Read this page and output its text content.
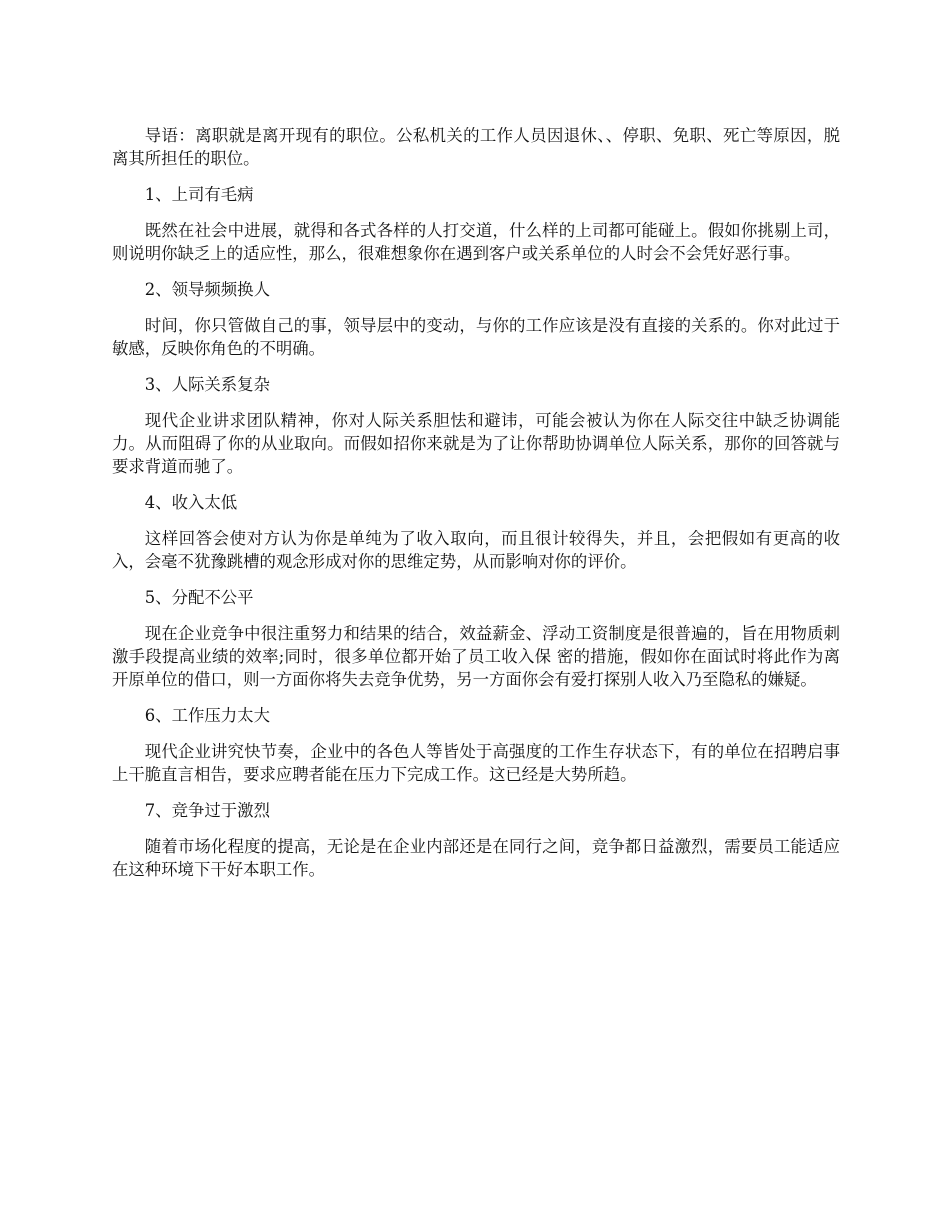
导语：离职就是离开现有的职位。公私机关的工作人员因退休、、停职、免职、死亡等原因，脱离其所担任的职位。

1、上司有毛病

既然在社会中进展，就得和各式各样的人打交道，什么样的上司都可能碰上。假如你挑剔上司，则说明你缺乏上的适应性，那么，很难想象你在遇到客户或关系单位的人时会不会凭好恶行事。

2、领导频频换人

时间，你只管做自己的事，领导层中的变动，与你的工作应该是没有直接的关系的。你对此过于敏感，反映你角色的不明确。

3、人际关系复杂

现代企业讲求团队精神，你对人际关系胆怯和避讳，可能会被认为你在人际交往中缺乏协调能力。从而阻碍了你的从业取向。而假如招你来就是为了让你帮助协调单位人际关系，那你的回答就与要求背道而驰了。

4、收入太低

这样回答会使对方认为你是单纯为了收入取向，而且很计较得失，并且，会把假如有更高的收入，会毫不犹豫跳槽的观念形成对你的思维定势，从而影响对你的评价。

5、分配不公平

现在企业竞争中很注重努力和结果的结合，效益薪金、浮动工资制度是很普遍的，旨在用物质刺激手段提高业绩的效率;同时，很多单位都开始了员工收入保 密的措施，假如你在面试时将此作为离开原单位的借口，则一方面你将失去竞争优势，另一方面你会有爱打探别人收入乃至隐私的嫌疑。

6、工作压力太大

现代企业讲究快节奏，企业中的各色人等皆处于高强度的工作生存状态下，有的单位在招聘启事上干脆直言相告，要求应聘者能在压力下完成工作。这已经是大势所趋。

7、竞争过于激烈

随着市场化程度的提高，无论是在企业内部还是在同行之间，竞争都日益激烈，需要员工能适应在这种环境下干好本职工作。
